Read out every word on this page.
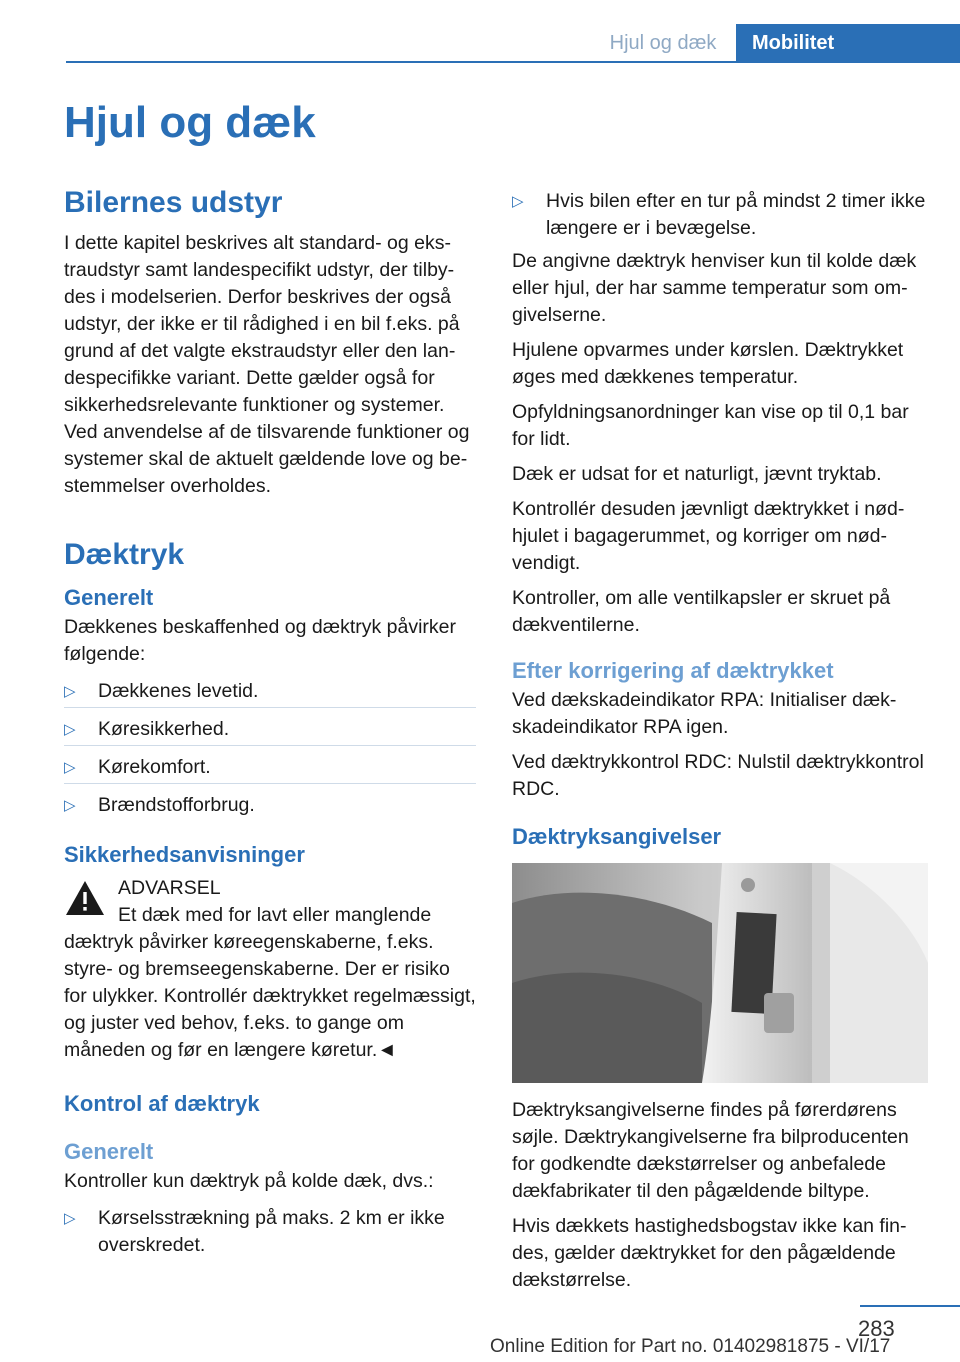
Hjul og dæk	Mobilitet
Hjul og dæk
Bilernes udstyr

I dette kapitel beskrives alt standard- og ekstraudstyr samt landespecifikt udstyr, der tilbydes i modelserien. Derfor beskrives der også udstyr, der ikke er til rådighed i en bil f.eks. på grund af det valgte ekstraudstyr eller den landespecifikke variant. Dette gælder også for sikkerhedsrelevante funktioner og systemer. Ved anvendelse af de tilsvarende funktioner og systemer skal de aktuelt gældende love og bestemmelser overholdes.

Dæktryk
Generelt

Dækkenes beskaffenhed og dæktryk påvirker følgende:

▷ Dækkenes levetid.
▷ Køresikkerhed.
▷ Kørekomfort.
▷ Brændstofforbrug.
Sikkerhedsanvisninger
ADVARSEL
Et dæk med for lavt eller manglende
dæktryk påvirker køreegenskaberne, f.eks. styre- og bremseegenskaberne. Der er risiko for ulykker. Kontrollér dæktrykket regelmæssigt, og juster ved behov, f.eks. to gange om måneden og før en længere køretur.◄
Kontrol af dæktryk
Generelt

Kontroller kun dæktryk på kolde dæk, dvs.:

▷ Kørselsstrækning på maks. 2 km er ikke overskredet.
▷ Hvis bilen efter en tur på mindst 2 timer ikke længere er i bevægelse.

De angivne dæktryk henviser kun til kolde dæk eller hjul, der har samme temperatur som omgivelserne.

Hjulene opvarmes under kørslen. Dæktrykket øges med dækkenes temperatur.

Opfyldningsanordninger kan vise op til 0,1 bar for lidt.

Dæk er udsat for et naturligt, jævnt tryktab.

Kontrollér desuden jævnligt dæktrykket i nødhjulet i bagagerummet, og korriger om nødvendigt.

Kontroller, om alle ventilkapsler er skruet på dækventilerne.

Efter korrigering af dæktrykket

Ved dækskadeindikator RPA: Initialiser dækskadeindikator RPA igen.

Ved dæktrykkontrol RDC: Nulstil dæktrykkontrol RDC.

Dæktryksangivelser

Dæktryksangivelserne findes på førerdørens søjle. Dæktrykangivelserne fra bilproducenten for godkendte dækstørrelser og anbefalede dækfabrikater til den pågældende biltype.

Hvis dækkets hastighedsbogstav ikke kan findes, gælder dæktrykket for den pågældende dækstørrelse.

283
Online Edition for Part no. 01402981875 - VI/17
